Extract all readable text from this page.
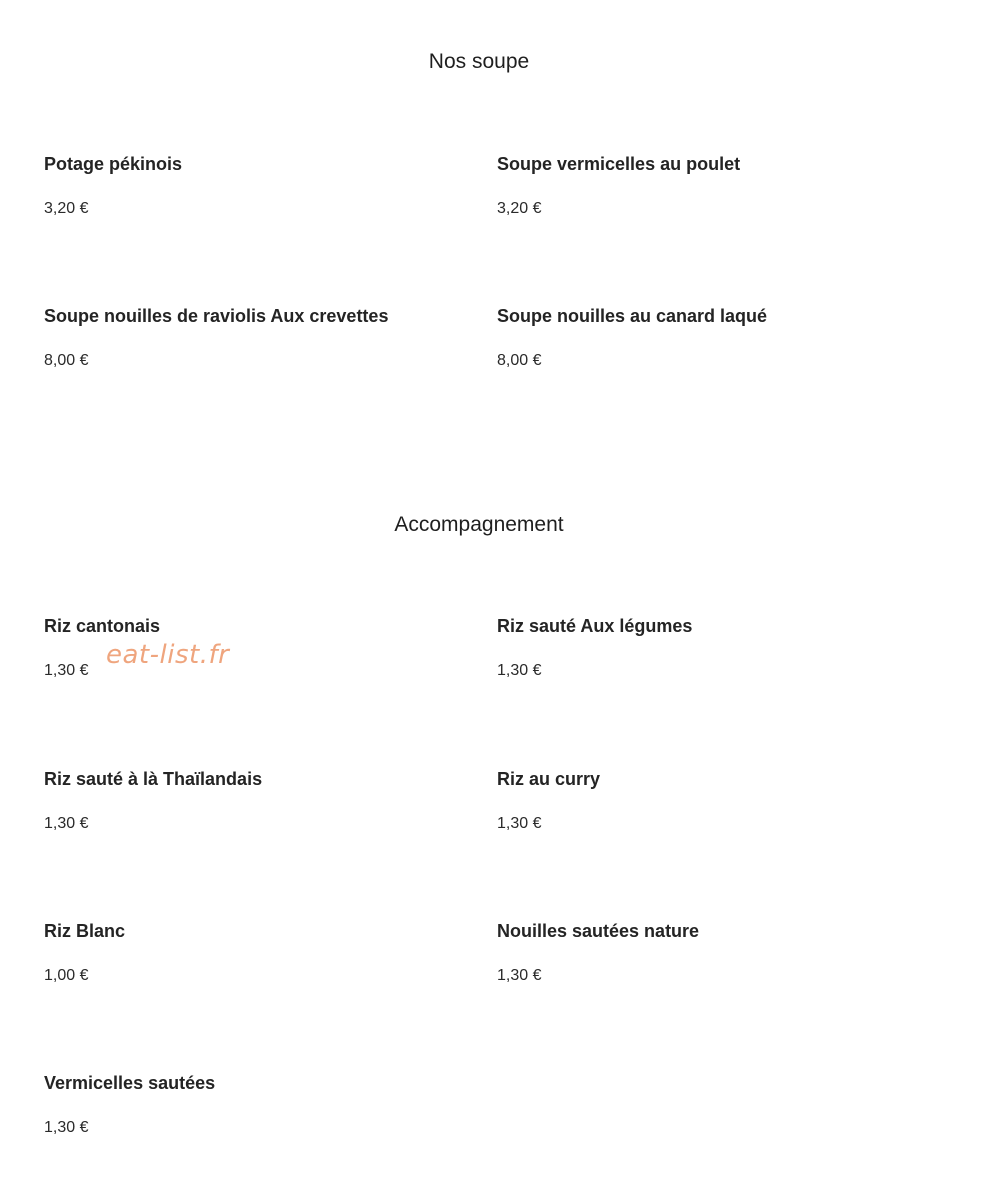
Nos soupe
Potage pékinois
3,20 €
Soupe vermicelles au poulet
3,20 €
Soupe nouilles de raviolis Aux crevettes
8,00 €
Soupe nouilles au canard laqué
8,00 €
Accompagnement
Riz cantonais
1,30 €
Riz sauté Aux légumes
1,30 €
Riz sauté à là Thaïlandais
1,30 €
Riz au curry
1,30 €
Riz Blanc
1,00 €
Nouilles sautées nature
1,30 €
Vermicelles sautées
1,30 €
eat-list.fr
